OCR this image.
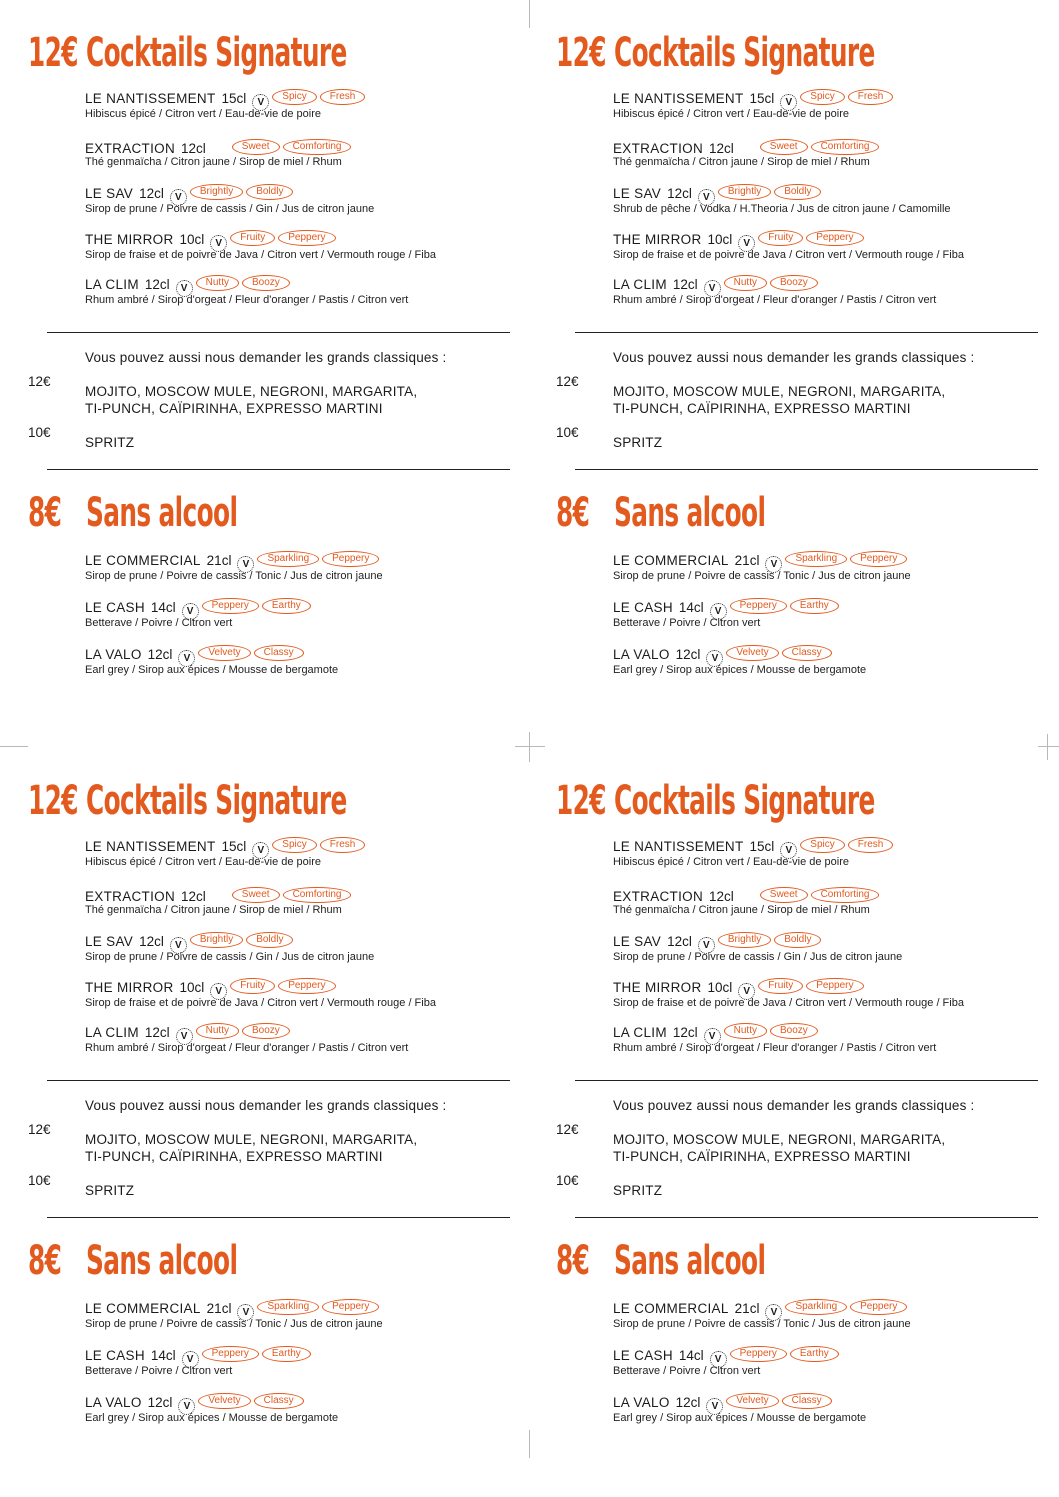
12€ Cocktails Signature
LE NANTISSEMENT 15cl VSpicy Fresh
Hibiscus épicé / Citron vert / Eau-de-vie de poire
EXTRACTION 12cl	Sweet Comforting
Thé genmaïcha / Citron jaune / Sirop de miel / Rhum
LE SAV 12cl VBrightly Boldly
Sirop de prune / Poivre de cassis / Gin / Jus de citron jaune
THE MIRROR 10cl VFruity Peppery
Sirop de fraise et de poivre de Java / Citron vert / Vermouth rouge / Fiba
LA CLIM 12cl VNutty Boozy
Rhum ambré / Sirop d'orgeat / Fleur d'oranger / Pastis / Citron vert
Vous pouvez aussi nous demander les grands classiques :
12€
MOJITO, MOSCOW MULE, NEGRONI, MARGARITA,
TI-PUNCH, CAÏPIRINHA, EXPRESSO MARTINI
10€
SPRITZ
8€ Sans alcool
LE COMMERCIAL 21cl VSparkling Peppery
Sirop de prune / Poivre de cassis / Tonic / Jus de citron jaune
LE CASH 14cl VPeppery Earthy
Betterave / Poivre / Citron vert
LA VALO 12cl VVelvety Classy
Earl grey / Sirop aux épices / Mousse de bergamote
12€ Cocktails Signature
LE NANTISSEMENT 15cl VSpicy Fresh
Hibiscus épicé / Citron vert / Eau-de-vie de poire
EXTRACTION 12cl	Sweet Comforting
Thé genmaïcha / Citron jaune / Sirop de miel / Rhum
LE SAV 12cl VBrightly Boldly
Shrub de pêche / Vodka / H.Theoria / Jus de citron jaune / Camomille
THE MIRROR 10cl VFruity Peppery
Sirop de fraise et de poivre de Java / Citron vert / Vermouth rouge / Fiba
LA CLIM 12cl VNutty Boozy
Rhum ambré / Sirop d'orgeat / Fleur d'oranger / Pastis / Citron vert
Vous pouvez aussi nous demander les grands classiques :
12€
MOJITO, MOSCOW MULE, NEGRONI, MARGARITA,
TI-PUNCH, CAÏPIRINHA, EXPRESSO MARTINI
10€
SPRITZ
8€ Sans alcool
LE COMMERCIAL 21cl VSparkling Peppery
Sirop de prune / Poivre de cassis / Tonic / Jus de citron jaune
LE CASH 14cl VPeppery Earthy
Betterave / Poivre / Citron vert
LA VALO 12cl VVelvety Classy
Earl grey / Sirop aux épices / Mousse de bergamote
12€ Cocktails Signature
LE NANTISSEMENT 15cl VSpicy Fresh
Hibiscus épicé / Citron vert / Eau-de-vie de poire
EXTRACTION 12cl	Sweet Comforting
Thé genmaïcha / Citron jaune / Sirop de miel / Rhum
LE SAV 12cl VBrightly Boldly
Sirop de prune / Poivre de cassis / Gin / Jus de citron jaune
THE MIRROR 10cl VFruity Peppery
Sirop de fraise et de poivre de Java / Citron vert / Vermouth rouge / Fiba
LA CLIM 12cl VNutty Boozy
Rhum ambré / Sirop d'orgeat / Fleur d'oranger / Pastis / Citron vert
Vous pouvez aussi nous demander les grands classiques :
12€
MOJITO, MOSCOW MULE, NEGRONI, MARGARITA,
TI-PUNCH, CAÏPIRINHA, EXPRESSO MARTINI
10€
SPRITZ
8€ Sans alcool
LE COMMERCIAL 21cl VSparkling Peppery
Sirop de prune / Poivre de cassis / Tonic / Jus de citron jaune
LE CASH 14cl VPeppery Earthy
Betterave / Poivre / Citron vert
LA VALO 12cl VVelvety Classy
Earl grey / Sirop aux épices / Mousse de bergamote
12€ Cocktails Signature
LE NANTISSEMENT 15cl VSpicy Fresh
Hibiscus épicé / Citron vert / Eau-de-vie de poire
EXTRACTION 12cl	Sweet Comforting
Thé genmaïcha / Citron jaune / Sirop de miel / Rhum
LE SAV 12cl VBrightly Boldly
Sirop de prune / Poivre de cassis / Gin / Jus de citron jaune
THE MIRROR 10cl VFruity Peppery
Sirop de fraise et de poivre de Java / Citron vert / Vermouth rouge / Fiba
LA CLIM 12cl VNutty Boozy
Rhum ambré / Sirop d'orgeat / Fleur d'oranger / Pastis / Citron vert
Vous pouvez aussi nous demander les grands classiques :
12€
MOJITO, MOSCOW MULE, NEGRONI, MARGARITA,
TI-PUNCH, CAÏPIRINHA, EXPRESSO MARTINI
10€
SPRITZ
8€ Sans alcool
LE COMMERCIAL 21cl VSparkling Peppery
Sirop de prune / Poivre de cassis / Tonic / Jus de citron jaune
LE CASH 14cl VPeppery Earthy
Betterave / Poivre / Citron vert
LA VALO 12cl VVelvety Classy
Earl grey / Sirop aux épices / Mousse de bergamote
